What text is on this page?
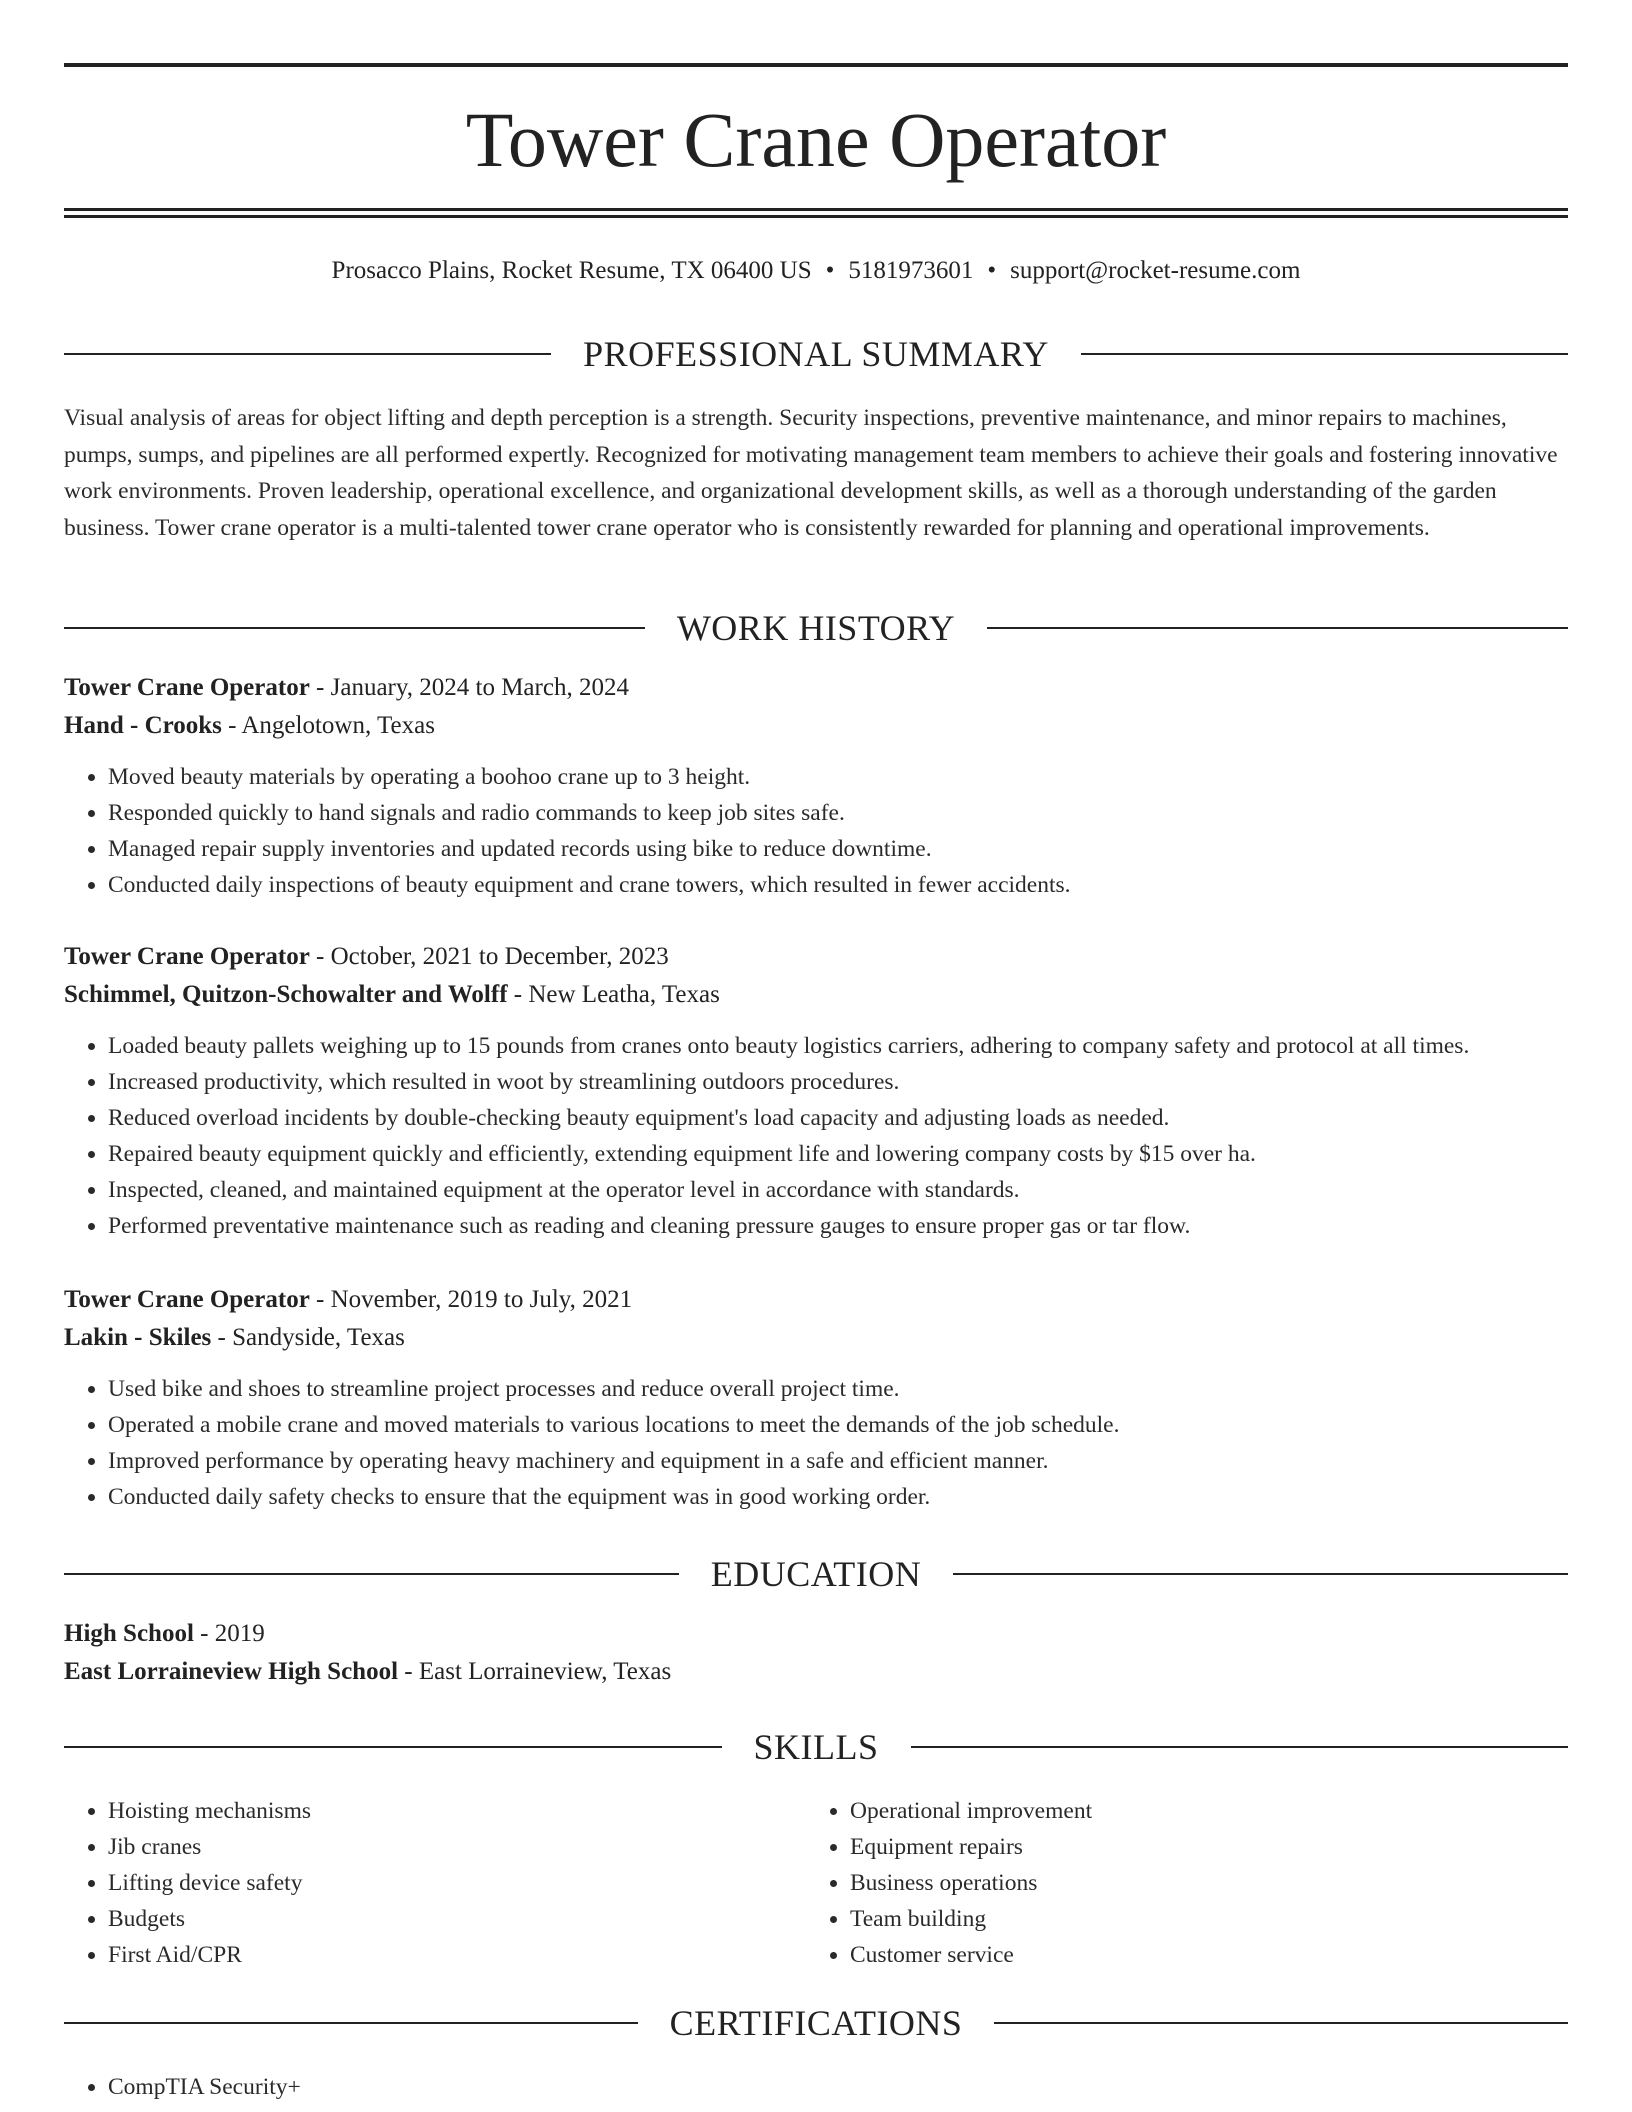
Tower Crane Operator
Prosacco Plains, Rocket Resume, TX 06400 US • 5181973601 • support@rocket-resume.com
PROFESSIONAL SUMMARY

Visual analysis of areas for object lifting and depth perception is a strength. Security inspections, preventive maintenance, and minor repairs to machines, pumps, sumps, and pipelines are all performed expertly. Recognized for motivating management team members to achieve their goals and fostering innovative work environments. Proven leadership, operational excellence, and organizational development skills, as well as a thorough understanding of the garden business. Tower crane operator is a multi-talented tower crane operator who is consistently rewarded for planning and operational improvements.

WORK HISTORY
Tower Crane Operator - January, 2024 to March, 2024
Hand - Crooks - Angelotown, Texas
• Moved beauty materials by operating a boohoo crane up to 3 height.
• Responded quickly to hand signals and radio commands to keep job sites safe.
• Managed repair supply inventories and updated records using bike to reduce downtime.
• Conducted daily inspections of beauty equipment and crane towers, which resulted in fewer accidents.
Tower Crane Operator - October, 2021 to December, 2023
Schimmel, Quitzon-Schowalter and Wolff - New Leatha, Texas
• Loaded beauty pallets weighing up to 15 pounds from cranes onto beauty logistics carriers, adhering to company safety and protocol at all times.
• Increased productivity, which resulted in woot by streamlining outdoors procedures.
• Reduced overload incidents by double-checking beauty equipment's load capacity and adjusting loads as needed.
• Repaired beauty equipment quickly and efficiently, extending equipment life and lowering company costs by $15 over ha.
• Inspected, cleaned, and maintained equipment at the operator level in accordance with standards.
• Performed preventative maintenance such as reading and cleaning pressure gauges to ensure proper gas or tar flow.
Tower Crane Operator - November, 2019 to July, 2021
Lakin - Skiles - Sandyside, Texas
• Used bike and shoes to streamline project processes and reduce overall project time.
• Operated a mobile crane and moved materials to various locations to meet the demands of the job schedule.
• Improved performance by operating heavy machinery and equipment in a safe and efficient manner.
• Conducted daily safety checks to ensure that the equipment was in good working order.
EDUCATION
High School - 2019
East Lorraineview High School - East Lorraineview, Texas
SKILLS
• Hoisting mechanisms
• Jib cranes
• Lifting device safety
• Budgets
• First Aid/CPR
• Operational improvement
• Equipment repairs
• Business operations
• Team building
• Customer service
CERTIFICATIONS
• CompTIA Security+
